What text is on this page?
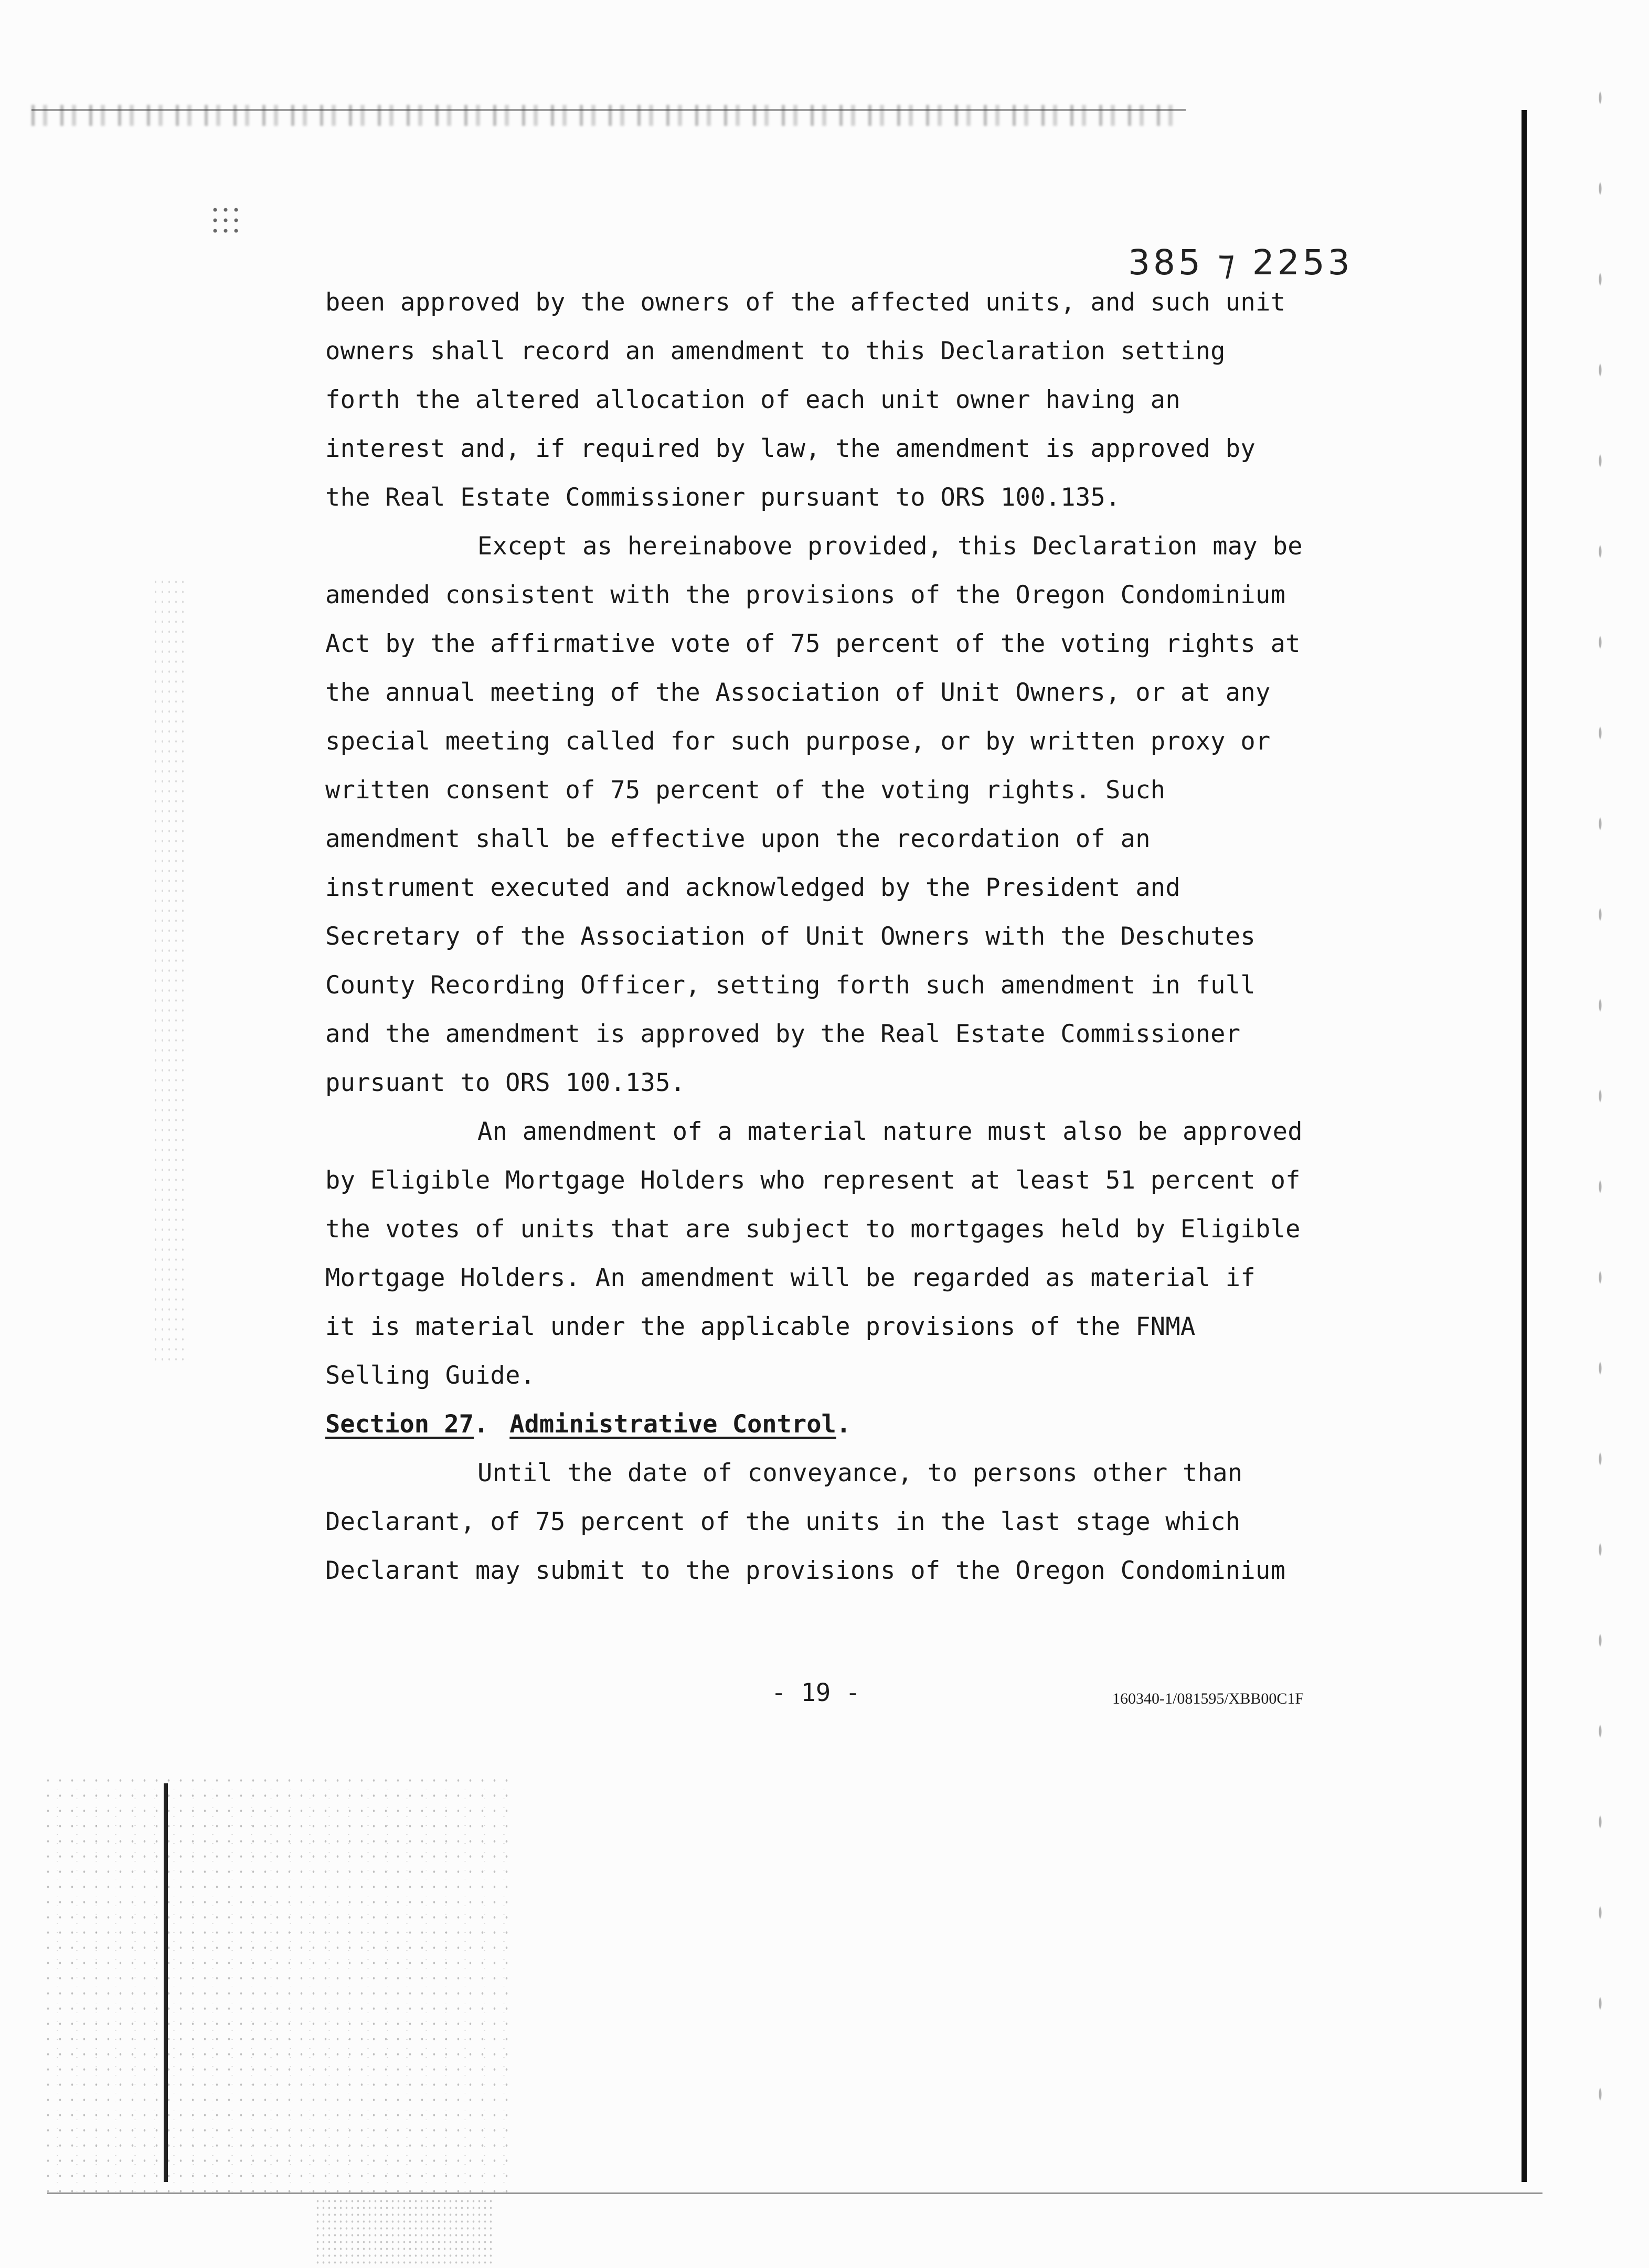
385 ⁊ 2253
been approved by the owners of the affected units, and such unit
owners shall record an amendment to this Declaration setting
forth the altered allocation of each unit owner having an
interest and, if required by law, the amendment is approved by
the Real Estate Commissioner pursuant to ORS 100.135.
Except as hereinabove provided, this Declaration may be
amended consistent with the provisions of the Oregon Condominium
Act by the affirmative vote of 75 percent of the voting rights at
the annual meeting of the Association of Unit Owners, or at any
special meeting called for such purpose, or by written proxy or
written consent of 75 percent of the voting rights. Such
amendment shall be effective upon the recordation of an
instrument executed and acknowledged by the President and
Secretary of the Association of Unit Owners with the Deschutes
County Recording Officer, setting forth such amendment in full
and the amendment is approved by the Real Estate Commissioner
pursuant to ORS 100.135.
An amendment of a material nature must also be approved
by Eligible Mortgage Holders who represent at least 51 percent of
the votes of units that are subject to mortgages held by Eligible
Mortgage Holders. An amendment will be regarded as material if
it is material under the applicable provisions of the FNMA
Selling Guide.
Section 27. Administrative Control.
Until the date of conveyance, to persons other than
Declarant, of 75 percent of the units in the last stage which
Declarant may submit to the provisions of the Oregon Condominium
- 19 -	160340-1/081595/XBB00C1F
